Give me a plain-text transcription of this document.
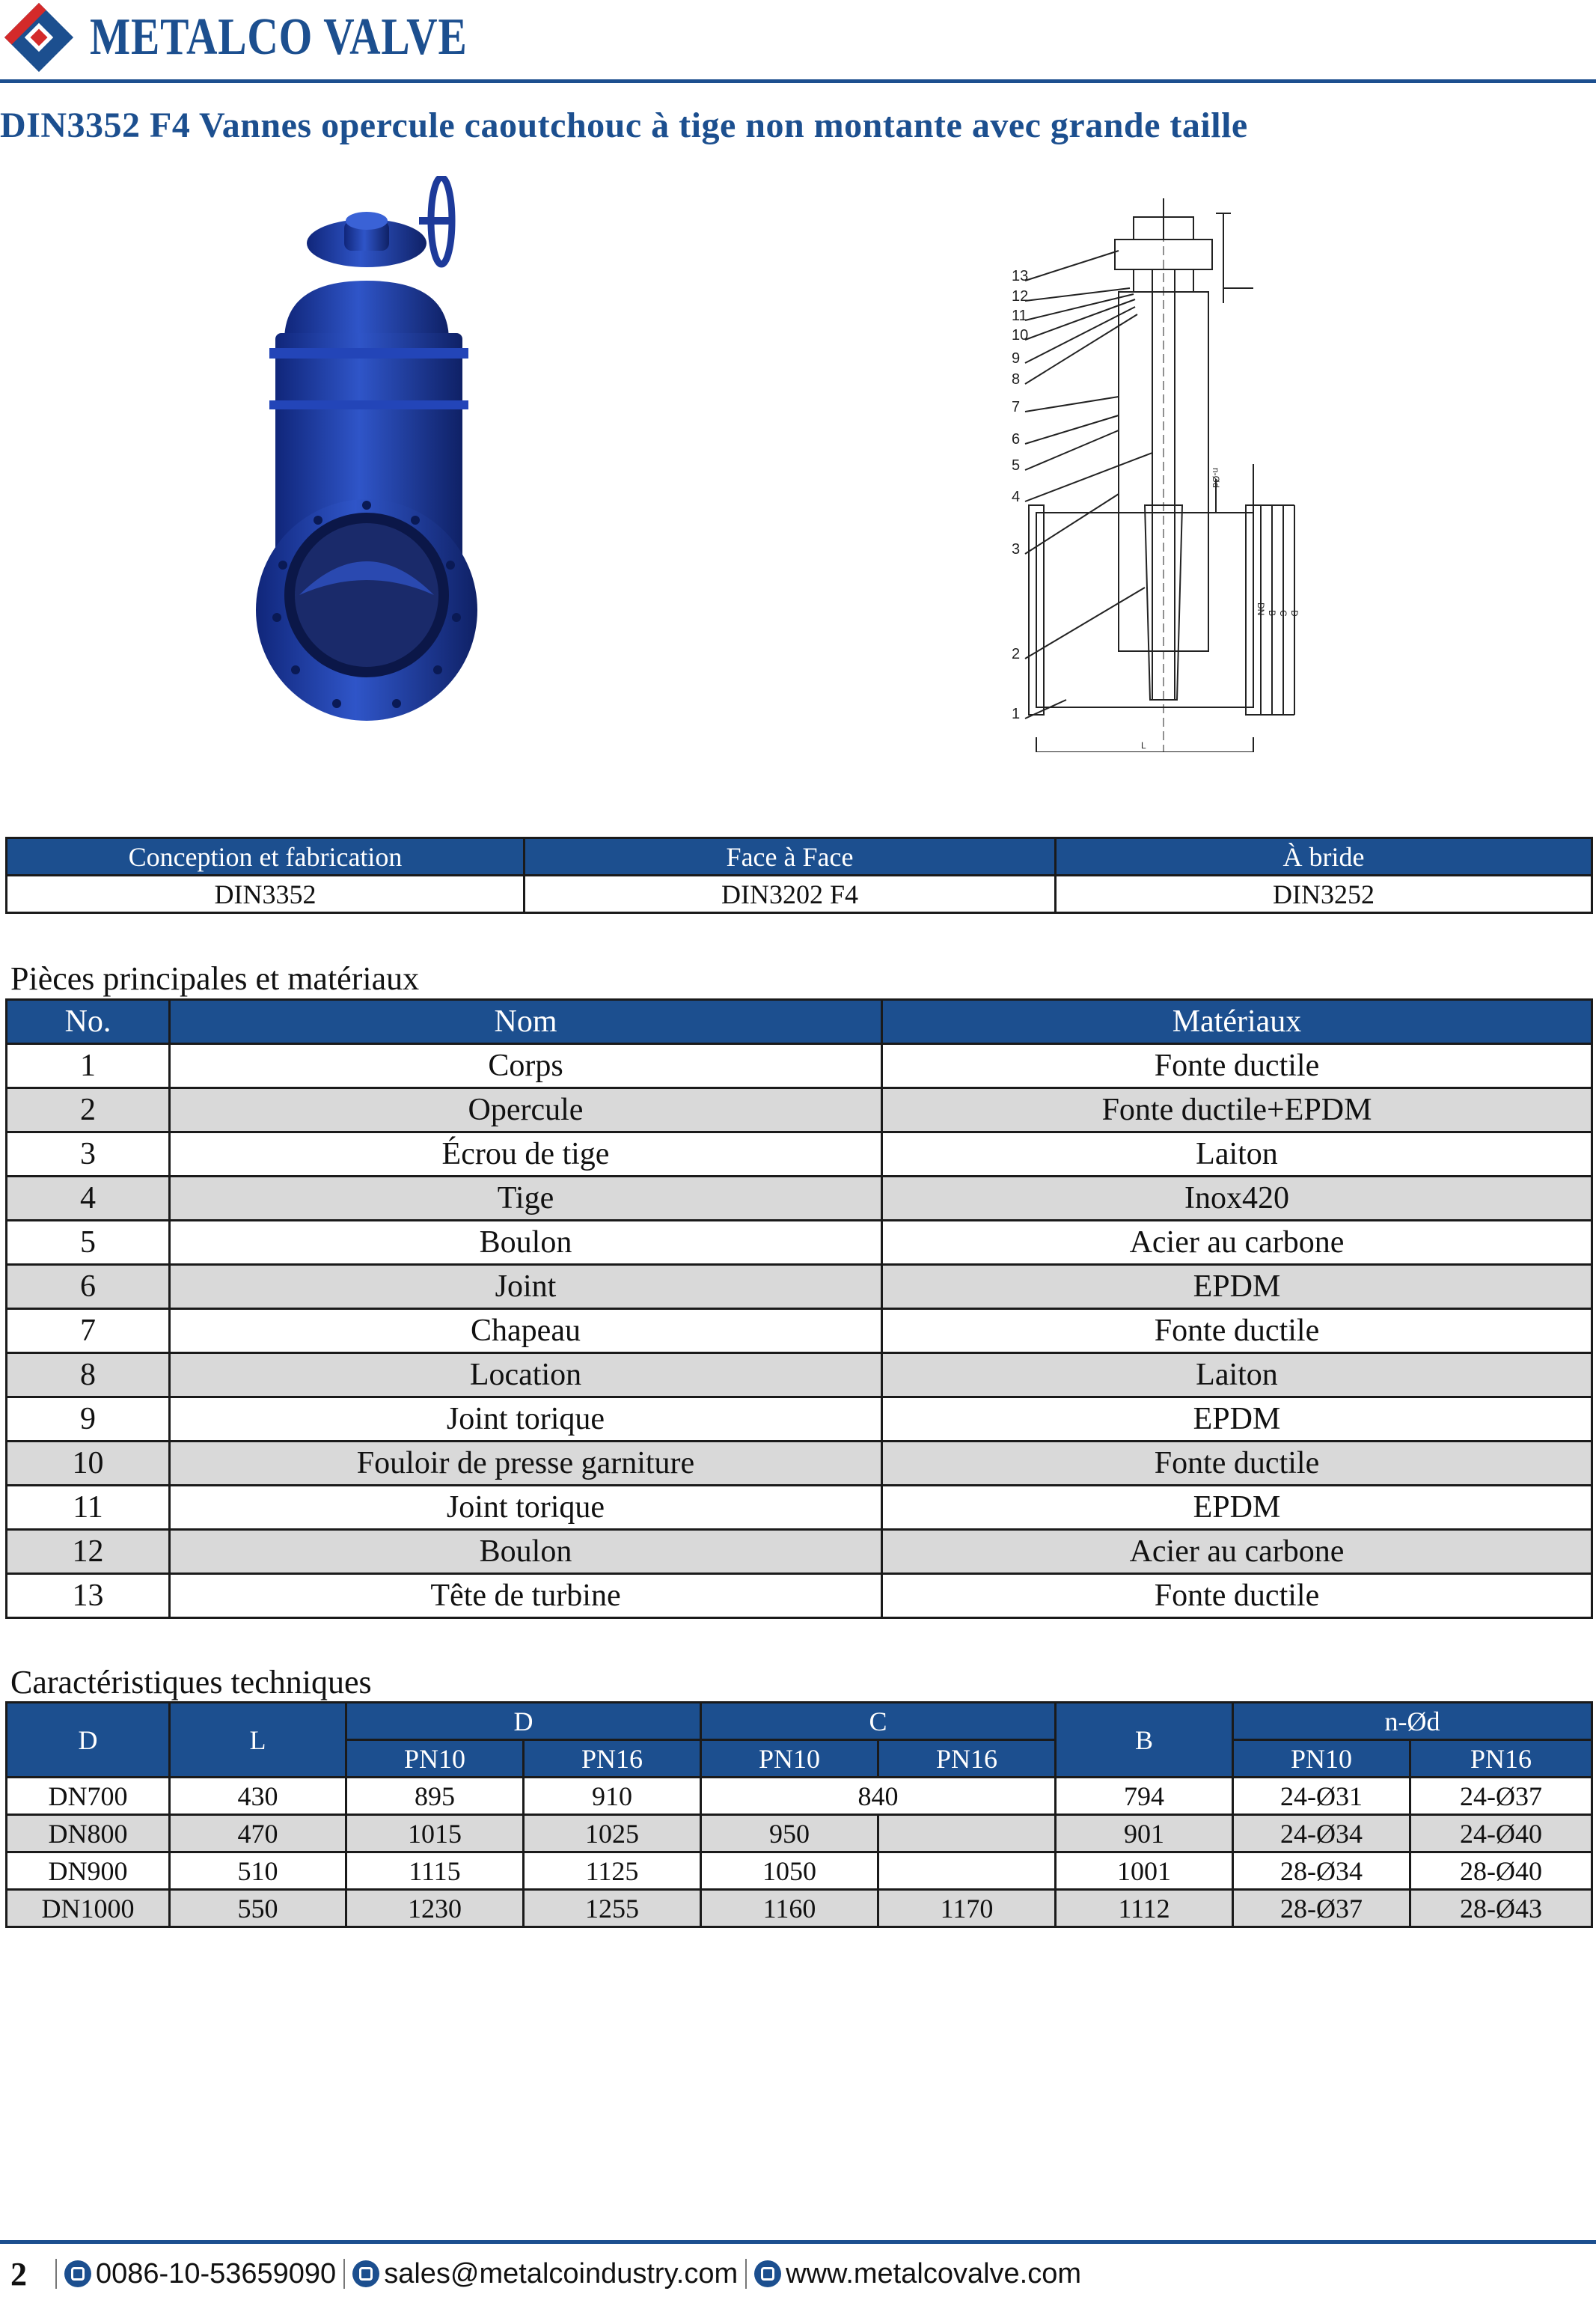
METALCO VALVE
DIN3352 F4 Vannes opercule caoutchouc à tige non montante avec grande taille
13
12
11
10
9
8
7
6
5
4
3
2
1
L
D
C
B
DN
n-Ød
Conception et fabrication	Face à Face	À bride
DIN3352	DIN3202 F4	DIN3252
Pièces principales et matériaux
No.	Nom	Matériaux
1	Corps	Fonte ductile
2	Opercule	Fonte ductile+EPDM
3	Écrou de tige	Laiton
4	Tige	Inox420
5	Boulon	Acier au carbone
6	Joint	EPDM
7	Chapeau	Fonte ductile
8	Location	Laiton
9	Joint torique	EPDM
10	Fouloir de presse garniture	Fonte ductile
11	Joint torique	EPDM
12	Boulon	Acier au carbone
13	Tête de turbine	Fonte ductile
Caractéristiques techniques
D	L	D		C		B	n-Ød	
		PN10	PN16	PN10	PN16		PN10	PN16
DN700	430	895	910	840		794	24-Ø31	24-Ø37
DN800	470	1015	1025	950		901	24-Ø34	24-Ø40
DN900	510	1115	1125	1050		1001	28-Ø34	28-Ø40
DN1000	550	1230	1255	1160	1170	1112	28-Ø37	28-Ø43
2 0086-10-53659090 sales@metalcoindustry.com www.metalcovalve.com
